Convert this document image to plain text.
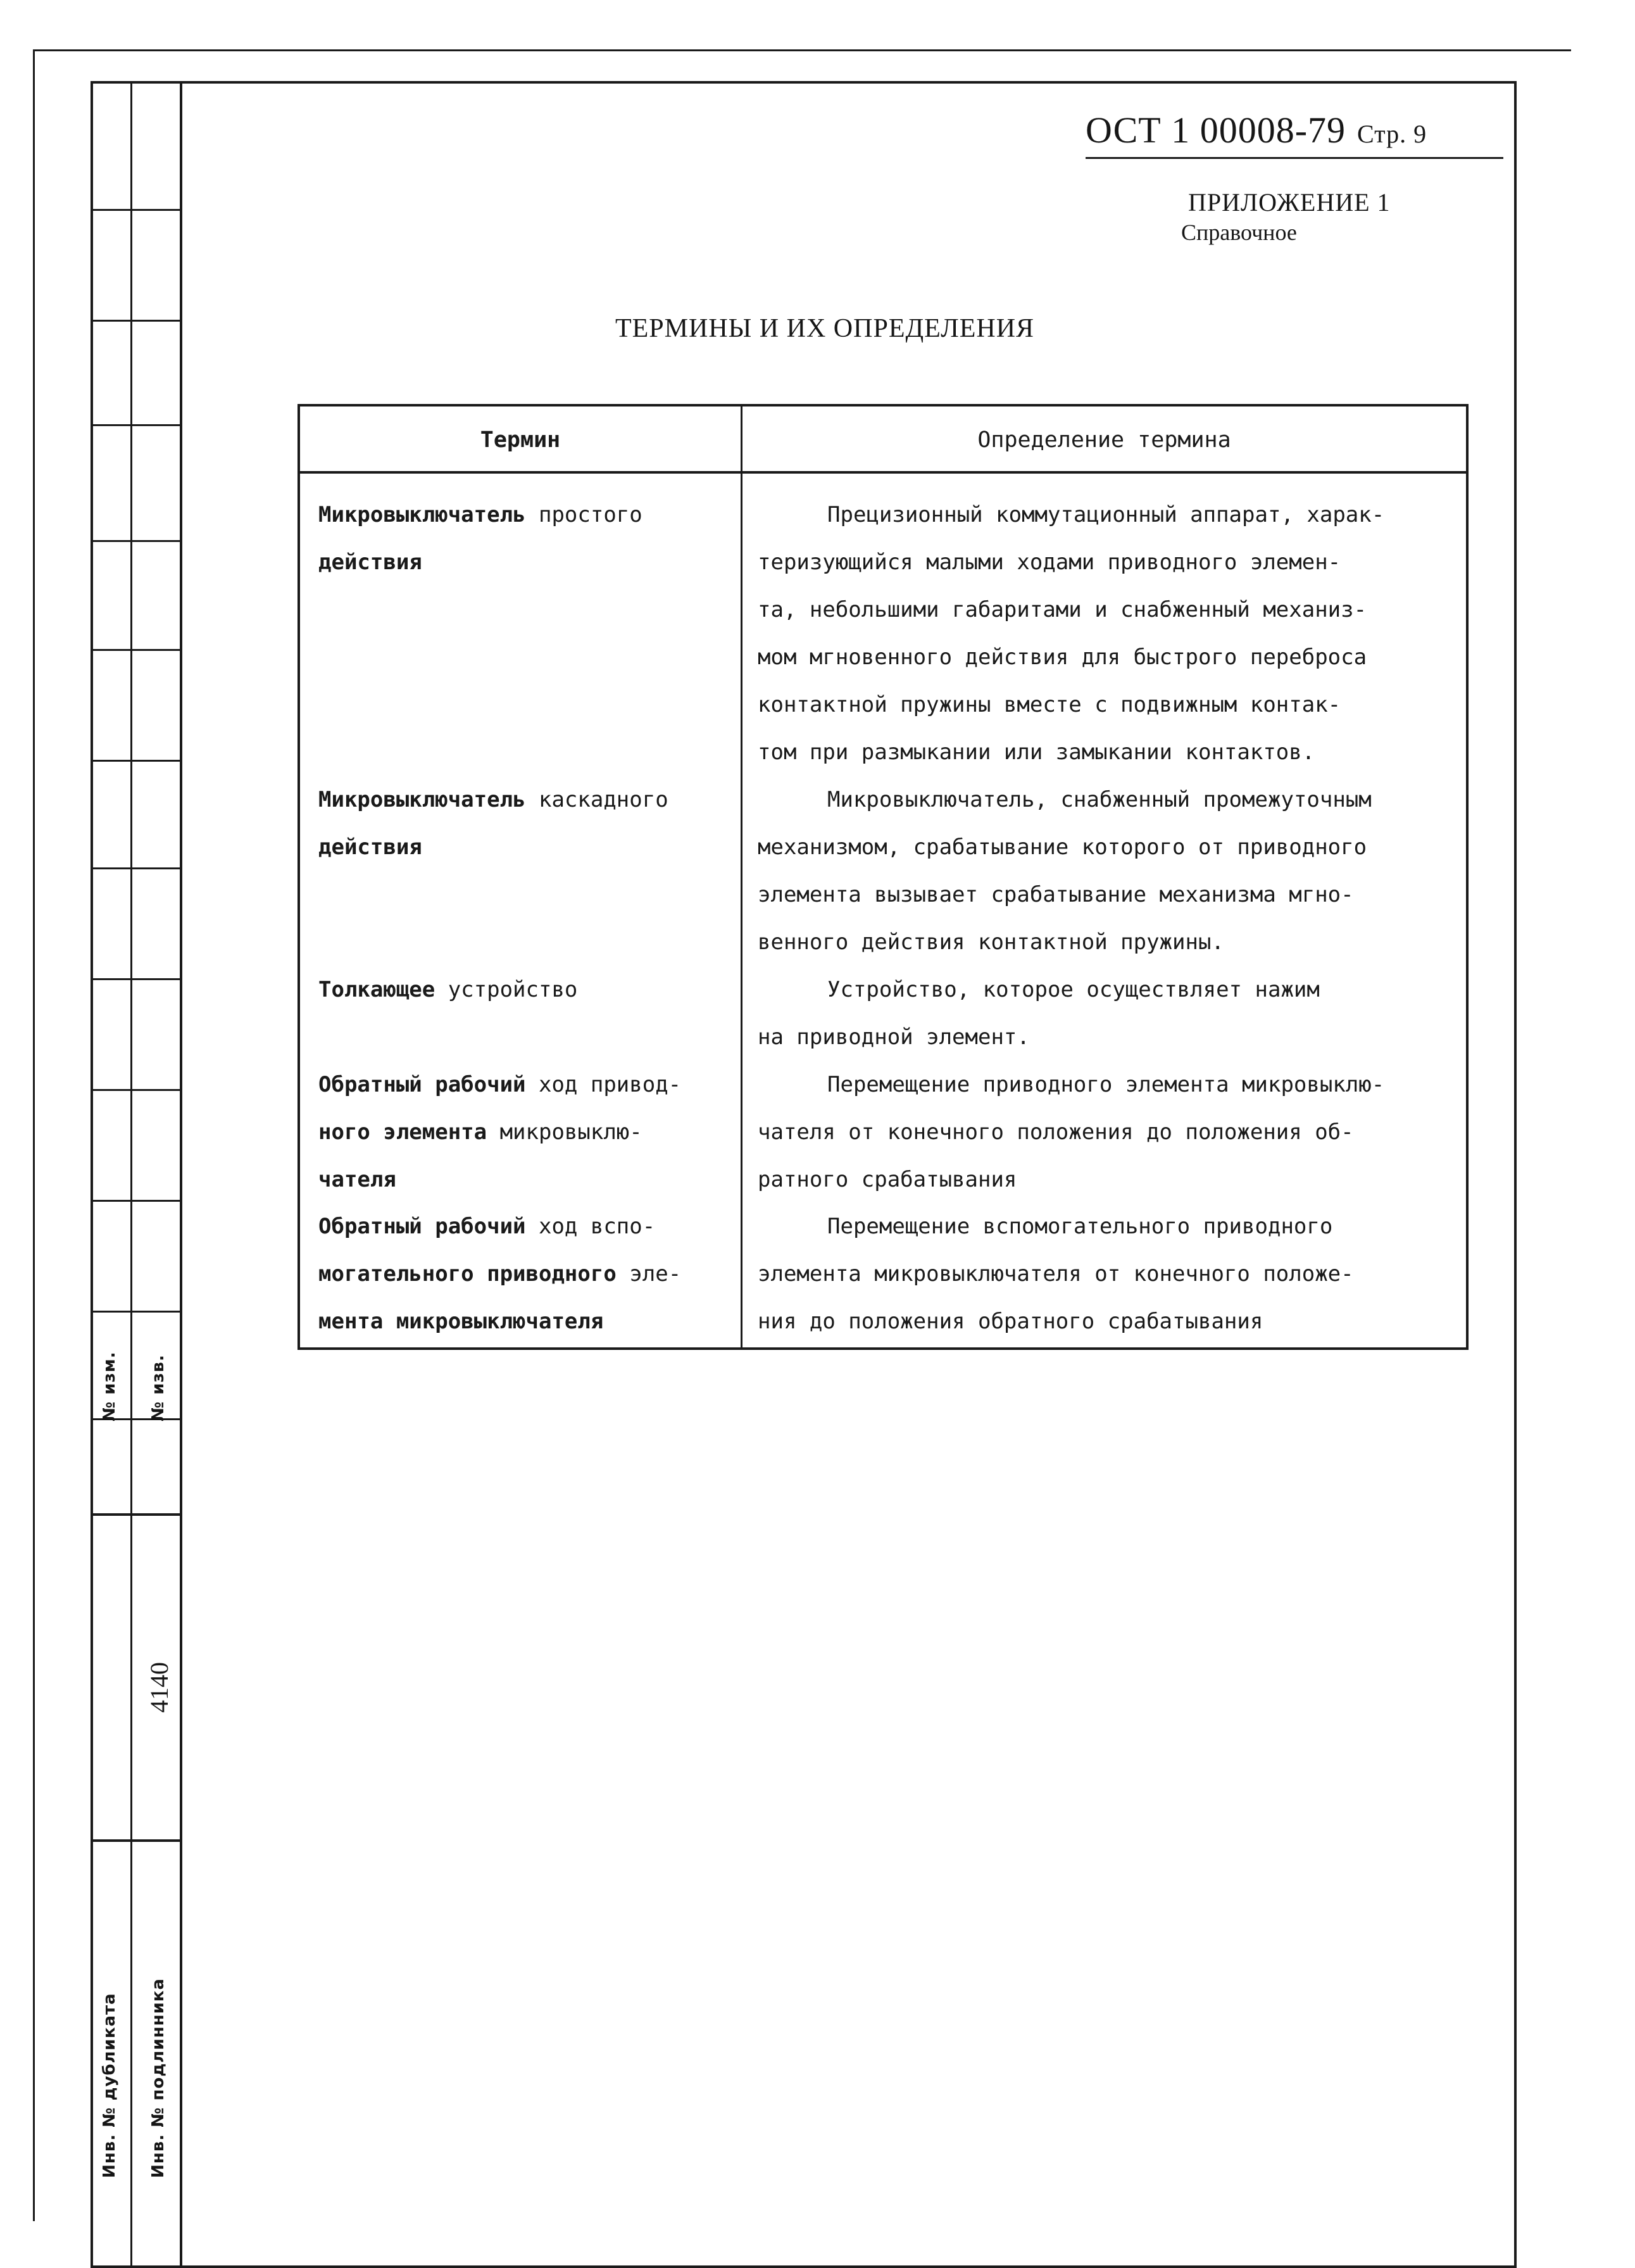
№ изм. № изв.
4140
Инв. № дубликата Инв. № подлинника
ОСТ 1 00008-79 Стр. 9
ПРИЛОЖЕНИЕ 1
Справочное
ТЕРМИНЫ И ИХ ОПРЕДЕЛЕНИЯ
Термин	Определение термина
Микровыключатель простого
действия
Прецизионный коммутационный аппарат, харак-
теризующийся малыми ходами приводного элемен-
та, небольшими габаритами и снабженный механиз-
мом мгновенного действия для быстрого переброса
контактной пружины вместе с подвижным контак-
том при размыкании или замыкании контактов.
Микровыключатель каскадного
действия
Микровыключатель, снабженный промежуточным
механизмом, срабатывание которого от приводного
элемента вызывает срабатывание механизма мгно-
венного действия контактной пружины.
Толкающее устройство	Устройство, которое осуществляет нажим
на приводной элемент.
Обратный рабочий ход привод-
ного элемента микровыклю-
чателя
Перемещение приводного элемента микровыклю-
чателя от конечного положения до положения об-
ратного срабатывания
Обратный рабочий ход вспо-
могательного приводного эле-
мента микровыключателя
Перемещение вспомогательного приводного
элемента микровыключателя от конечного положе-
ния до положения обратного срабатывания
